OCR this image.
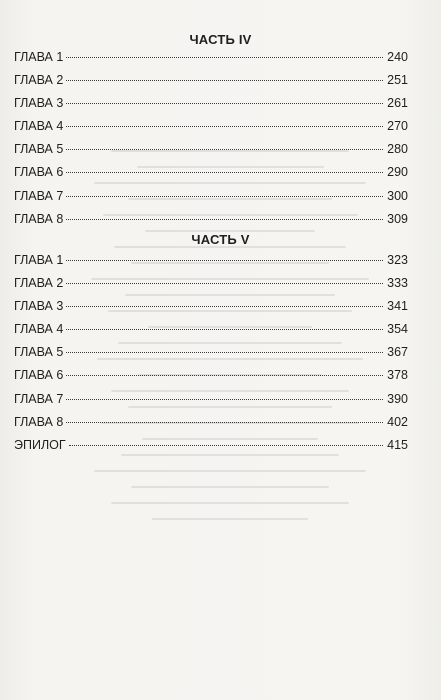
ЧАСТЬ IV
ГЛАВА 1	240
ГЛАВА 2	251
ГЛАВА 3	261
ГЛАВА 4	270
ГЛАВА 5	280
ГЛАВА 6	290
ГЛАВА 7	300
ГЛАВА 8	309
ЧАСТЬ V
ГЛАВА 1	323
ГЛАВА 2	333
ГЛАВА 3	341
ГЛАВА 4	354
ГЛАВА 5	367
ГЛАВА 6	378
ГЛАВА 7	390
ГЛАВА 8	402
ЭПИЛОГ	415
